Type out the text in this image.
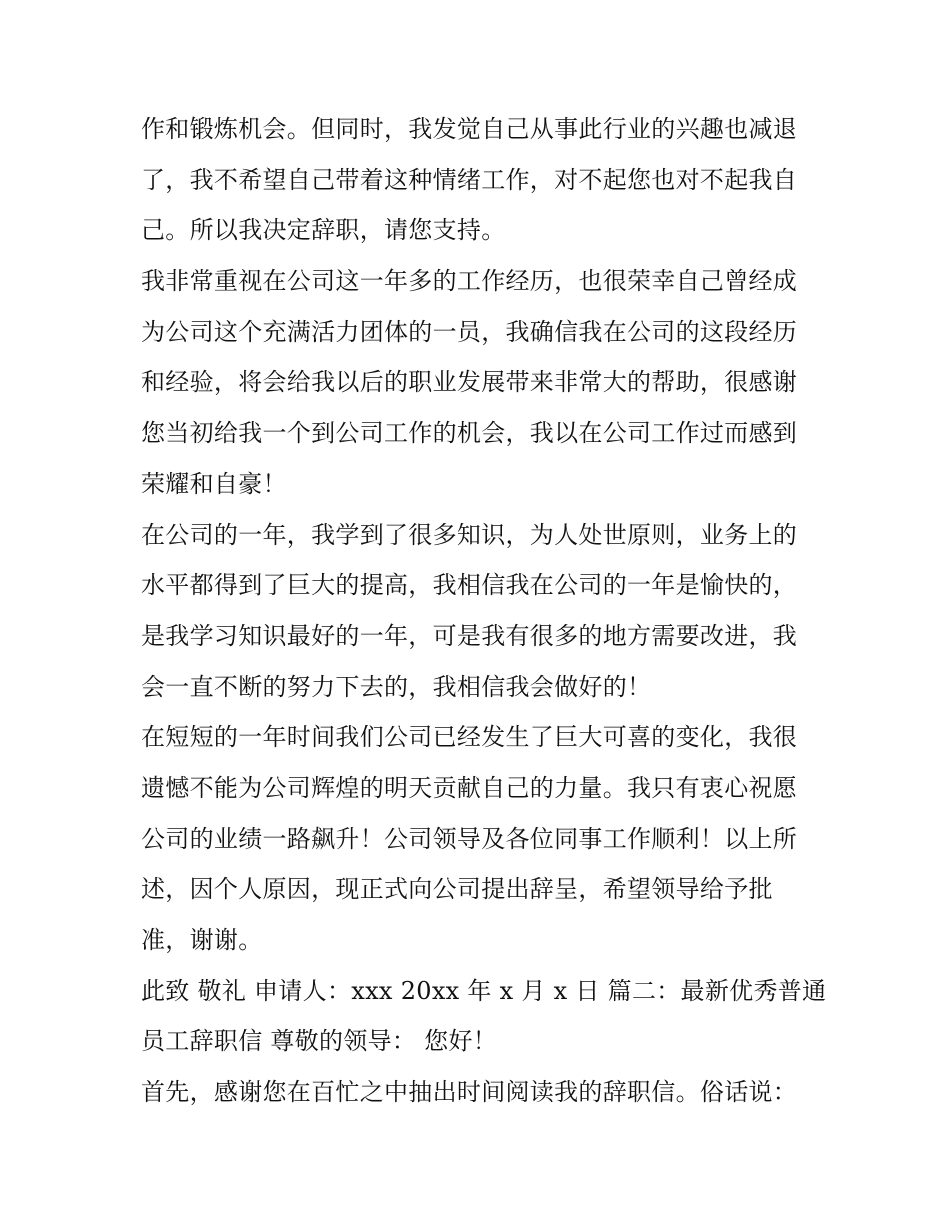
作和锻炼机会。但同时，我发觉自己从事此行业的兴趣也减退
了，我不希望自己带着这种情绪工作，对不起您也对不起我自
己。所以我决定辞职，请您支持。
我非常重视在公司这一年多的工作经历，也很荣幸自己曾经成
为公司这个充满活力团体的一员，我确信我在公司的这段经历
和经验，将会给我以后的职业发展带来非常大的帮助，很感谢
您当初给我一个到公司工作的机会，我以在公司工作过而感到
荣耀和自豪！
在公司的一年，我学到了很多知识，为人处世原则，业务上的
水平都得到了巨大的提高，我相信我在公司的一年是愉快的，
是我学习知识最好的一年，可是我有很多的地方需要改进，我
会一直不断的努力下去的，我相信我会做好的！
在短短的一年时间我们公司已经发生了巨大可喜的变化，我很
遗憾不能为公司辉煌的明天贡献自己的力量。我只有衷心祝愿
公司的业绩一路飙升！公司领导及各位同事工作顺利！以上所
述，因个人原因，现正式向公司提出辞呈，希望领导给予批
准，谢谢。
此致 敬礼 申请人：xxx 20xx 年 x 月 x 日 篇二：最新优秀普通
员工辞职信 尊敬的领导： 您好！
首先，感谢您在百忙之中抽出时间阅读我的辞职信。俗话说：
